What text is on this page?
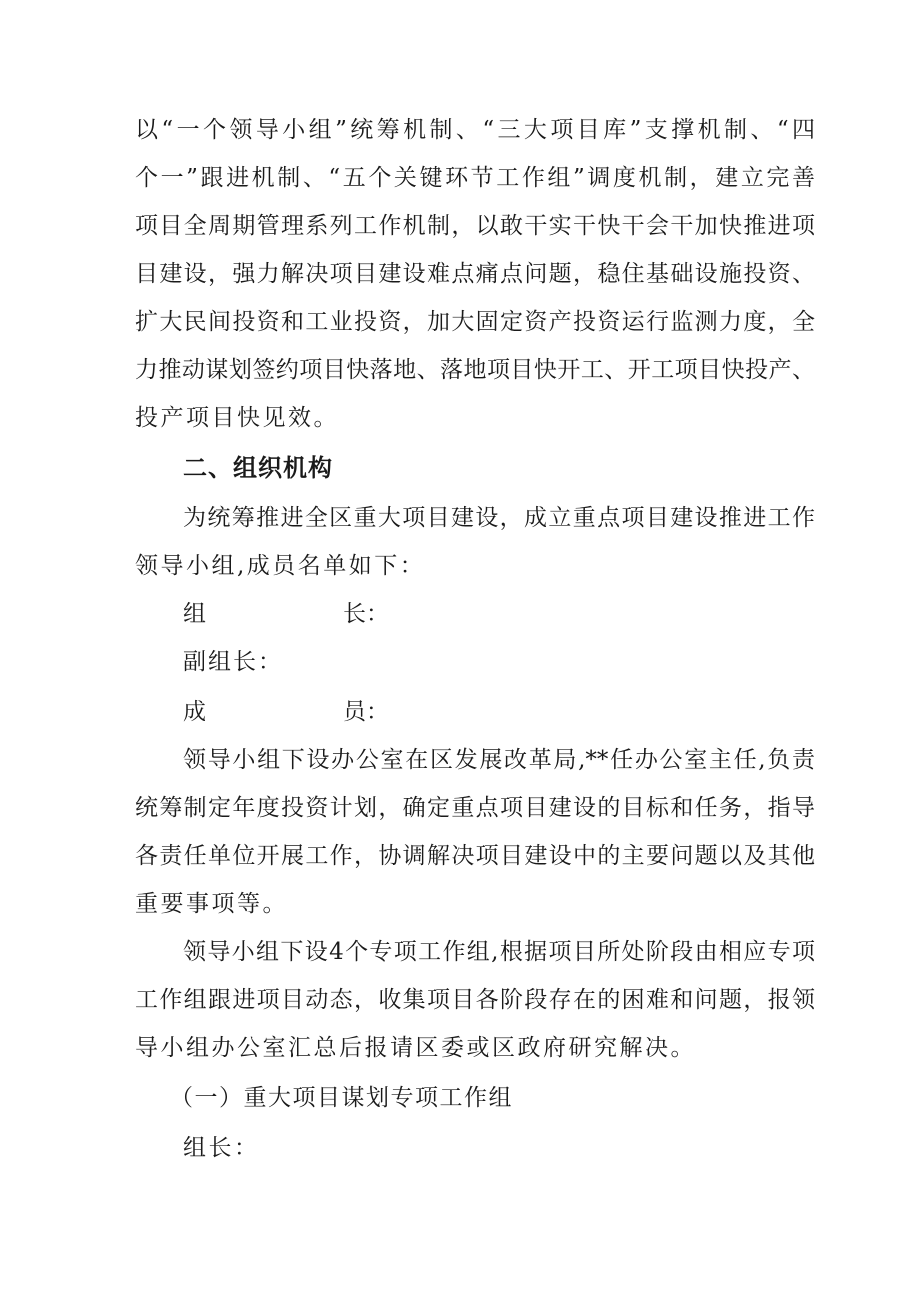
以“一个领导小组”统筹机制、“三大项目库”支撑机制、“四
个一”跟进机制、“五个关键环节工作组”调度机制，建立完善
项目全周期管理系列工作机制，以敢干实干快干会干加快推进项
目建设，强力解决项目建设难点痛点问题，稳住基础设施投资、
扩大民间投资和工业投资，加大固定资产投资运行监测力度，全
力推动谋划签约项目快落地、落地项目快开工、开工项目快投产、
投产项目快见效。
二、组织机构
为统筹推进全区重大项目建设，成立重点项目建设推进工作
领导小组,成员名单如下：
组	长：
副组长：
成	员：
领导小组下设办公室在区发展改革局,**任办公室主任,负责
统筹制定年度投资计划，确定重点项目建设的目标和任务，指导
各责任单位开展工作，协调解决项目建设中的主要问题以及其他
重要事项等。
领导小组下设4个专项工作组,根据项目所处阶段由相应专项
工作组跟进项目动态，收集项目各阶段存在的困难和问题，报领
导小组办公室汇总后报请区委或区政府研究解决。
（一）重大项目谋划专项工作组
组长：
